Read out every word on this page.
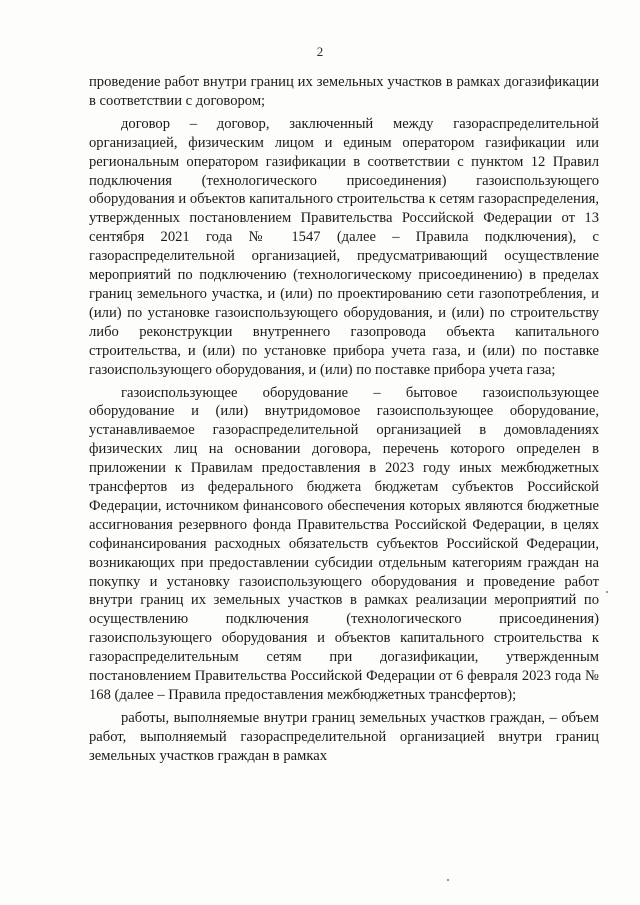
2

проведение работ внутри границ их земельных участков в рамках догазификации в соответствии с договором;

договор – договор, заключенный между газораспределительной организацией, физическим лицом и единым оператором газификации или региональным оператором газификации в соответствии с пунктом 12 Правил подключения (технологического присоединения) газоиспользующего оборудования и объектов капитального строительства к сетям газораспределения, утвержденных постановлением Правительства Российской Федерации от 13 сентября 2021 года № 1547 (далее – Правила подключения), с газораспределительной организацией, предусматривающий осуществление мероприятий по подключению (технологическому присоединению) в пределах границ земельного участка, и (или) по проектированию сети газопотребления, и (или) по установке газоиспользующего оборудования, и (или) по строительству либо реконструкции внутреннего газопровода объекта капитального строительства, и (или) по установке прибора учета газа, и (или) по поставке газоиспользующего оборудования, и (или) по поставке прибора учета газа;

газоиспользующее оборудование – бытовое газоиспользующее оборудование и (или) внутридомовое газоиспользующее оборудование, устанавливаемое газораспределительной организацией в домовладениях физических лиц на основании договора, перечень которого определен в приложении к Правилам предоставления в 2023 году иных межбюджетных трансфертов из федерального бюджета бюджетам субъектов Российской Федерации, источником финансового обеспечения которых являются бюджетные ассигнования резервного фонда Правительства Российской Федерации, в целях софинансирования расходных обязательств субъектов Российской Федерации, возникающих при предоставлении субсидии отдельным категориям граждан на покупку и установку газоиспользующего оборудования и проведение работ внутри границ их земельных участков в рамках реализации мероприятий по осуществлению подключения (технологического присоединения) газоиспользующего оборудования и объектов капитального строительства к газораспределительным сетям при догазификации, утвержденным постановлением Правительства Российской Федерации от 6 февраля 2023 года № 168 (далее – Правила предоставления межбюджетных трансфертов);

работы, выполняемые внутри границ земельных участков граждан, – объем работ, выполняемый газораспределительной организацией внутри границ земельных участков граждан в рамках
